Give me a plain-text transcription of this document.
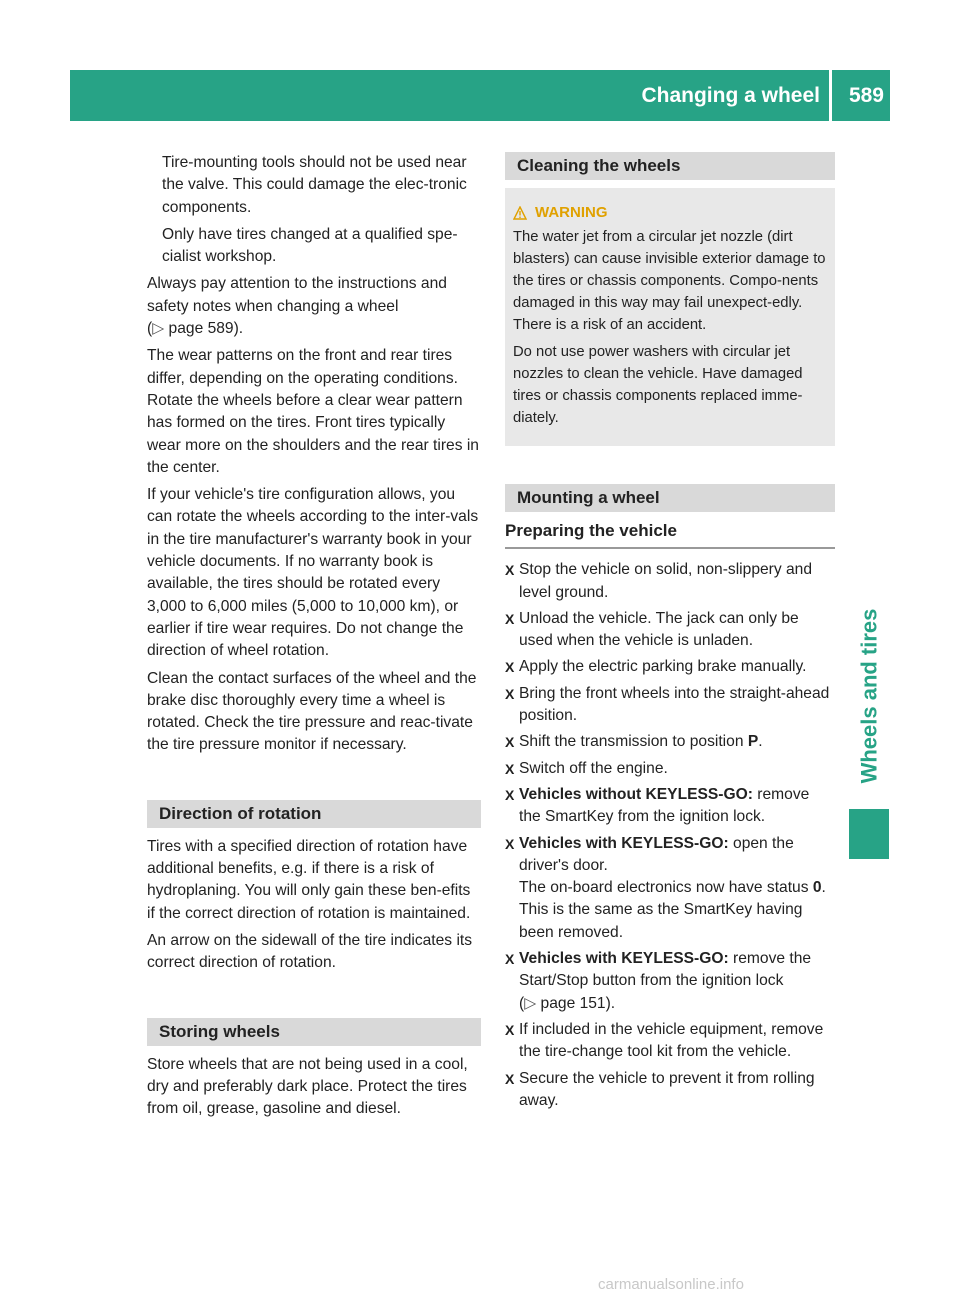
Changing a wheel 589
Wheels and tires

Tire-mounting tools should not be used near the valve. This could damage the elec-tronic components.

Only have tires changed at a qualified spe-cialist workshop.

Always pay attention to the instructions and safety notes when changing a wheel
(▷ page 589).

The wear patterns on the front and rear tires differ, depending on the operating conditions. Rotate the wheels before a clear wear pattern has formed on the tires. Front tires typically wear more on the shoulders and the rear tires in the center.

If your vehicle's tire configuration allows, you can rotate the wheels according to the inter-vals in the tire manufacturer's warranty book in your vehicle documents. If no warranty book is available, the tires should be rotated every 3,000 to 6,000 miles (5,000 to 10,000 km), or earlier if tire wear requires. Do not change the direction of wheel rotation.

Clean the contact surfaces of the wheel and the brake disc thoroughly every time a wheel is rotated. Check the tire pressure and reac-tivate the tire pressure monitor if necessary.

Direction of rotation

Tires with a specified direction of rotation have additional benefits, e.g. if there is a risk of hydroplaning. You will only gain these ben-efits if the correct direction of rotation is maintained.

An arrow on the sidewall of the tire indicates its correct direction of rotation.

Storing wheels

Store wheels that are not being used in a cool, dry and preferably dark place. Protect the tires from oil, grease, gasoline and diesel.

Cleaning the wheels
WARNING

The water jet from a circular jet nozzle (dirt blasters) can cause invisible exterior damage to the tires or chassis components. Compo-nents damaged in this way may fail unexpect-edly. There is a risk of an accident.

Do not use power washers with circular jet nozzles to clean the vehicle. Have damaged tires or chassis components replaced imme-diately.

Mounting a wheel
Preparing the vehicle
X Stop the vehicle on solid, non-slippery and level ground.
X Unload the vehicle. The jack can only be used when the vehicle is unladen.
X Apply the electric parking brake manually.
X Bring the front wheels into the straight-ahead position.
X Shift the transmission to position P.
X Switch off the engine.
X Vehicles without KEYLESS-GO: remove the SmartKey from the ignition lock.
X Vehicles with KEYLESS-GO: open the driver's door.
The on-board electronics now have status 0. This is the same as the SmartKey having been removed.
X Vehicles with KEYLESS-GO: remove the Start/Stop button from the ignition lock
(▷ page 151).
X If included in the vehicle equipment, remove the tire-change tool kit from the vehicle.
X Secure the vehicle to prevent it from rolling away.
carmanualsonline.info
